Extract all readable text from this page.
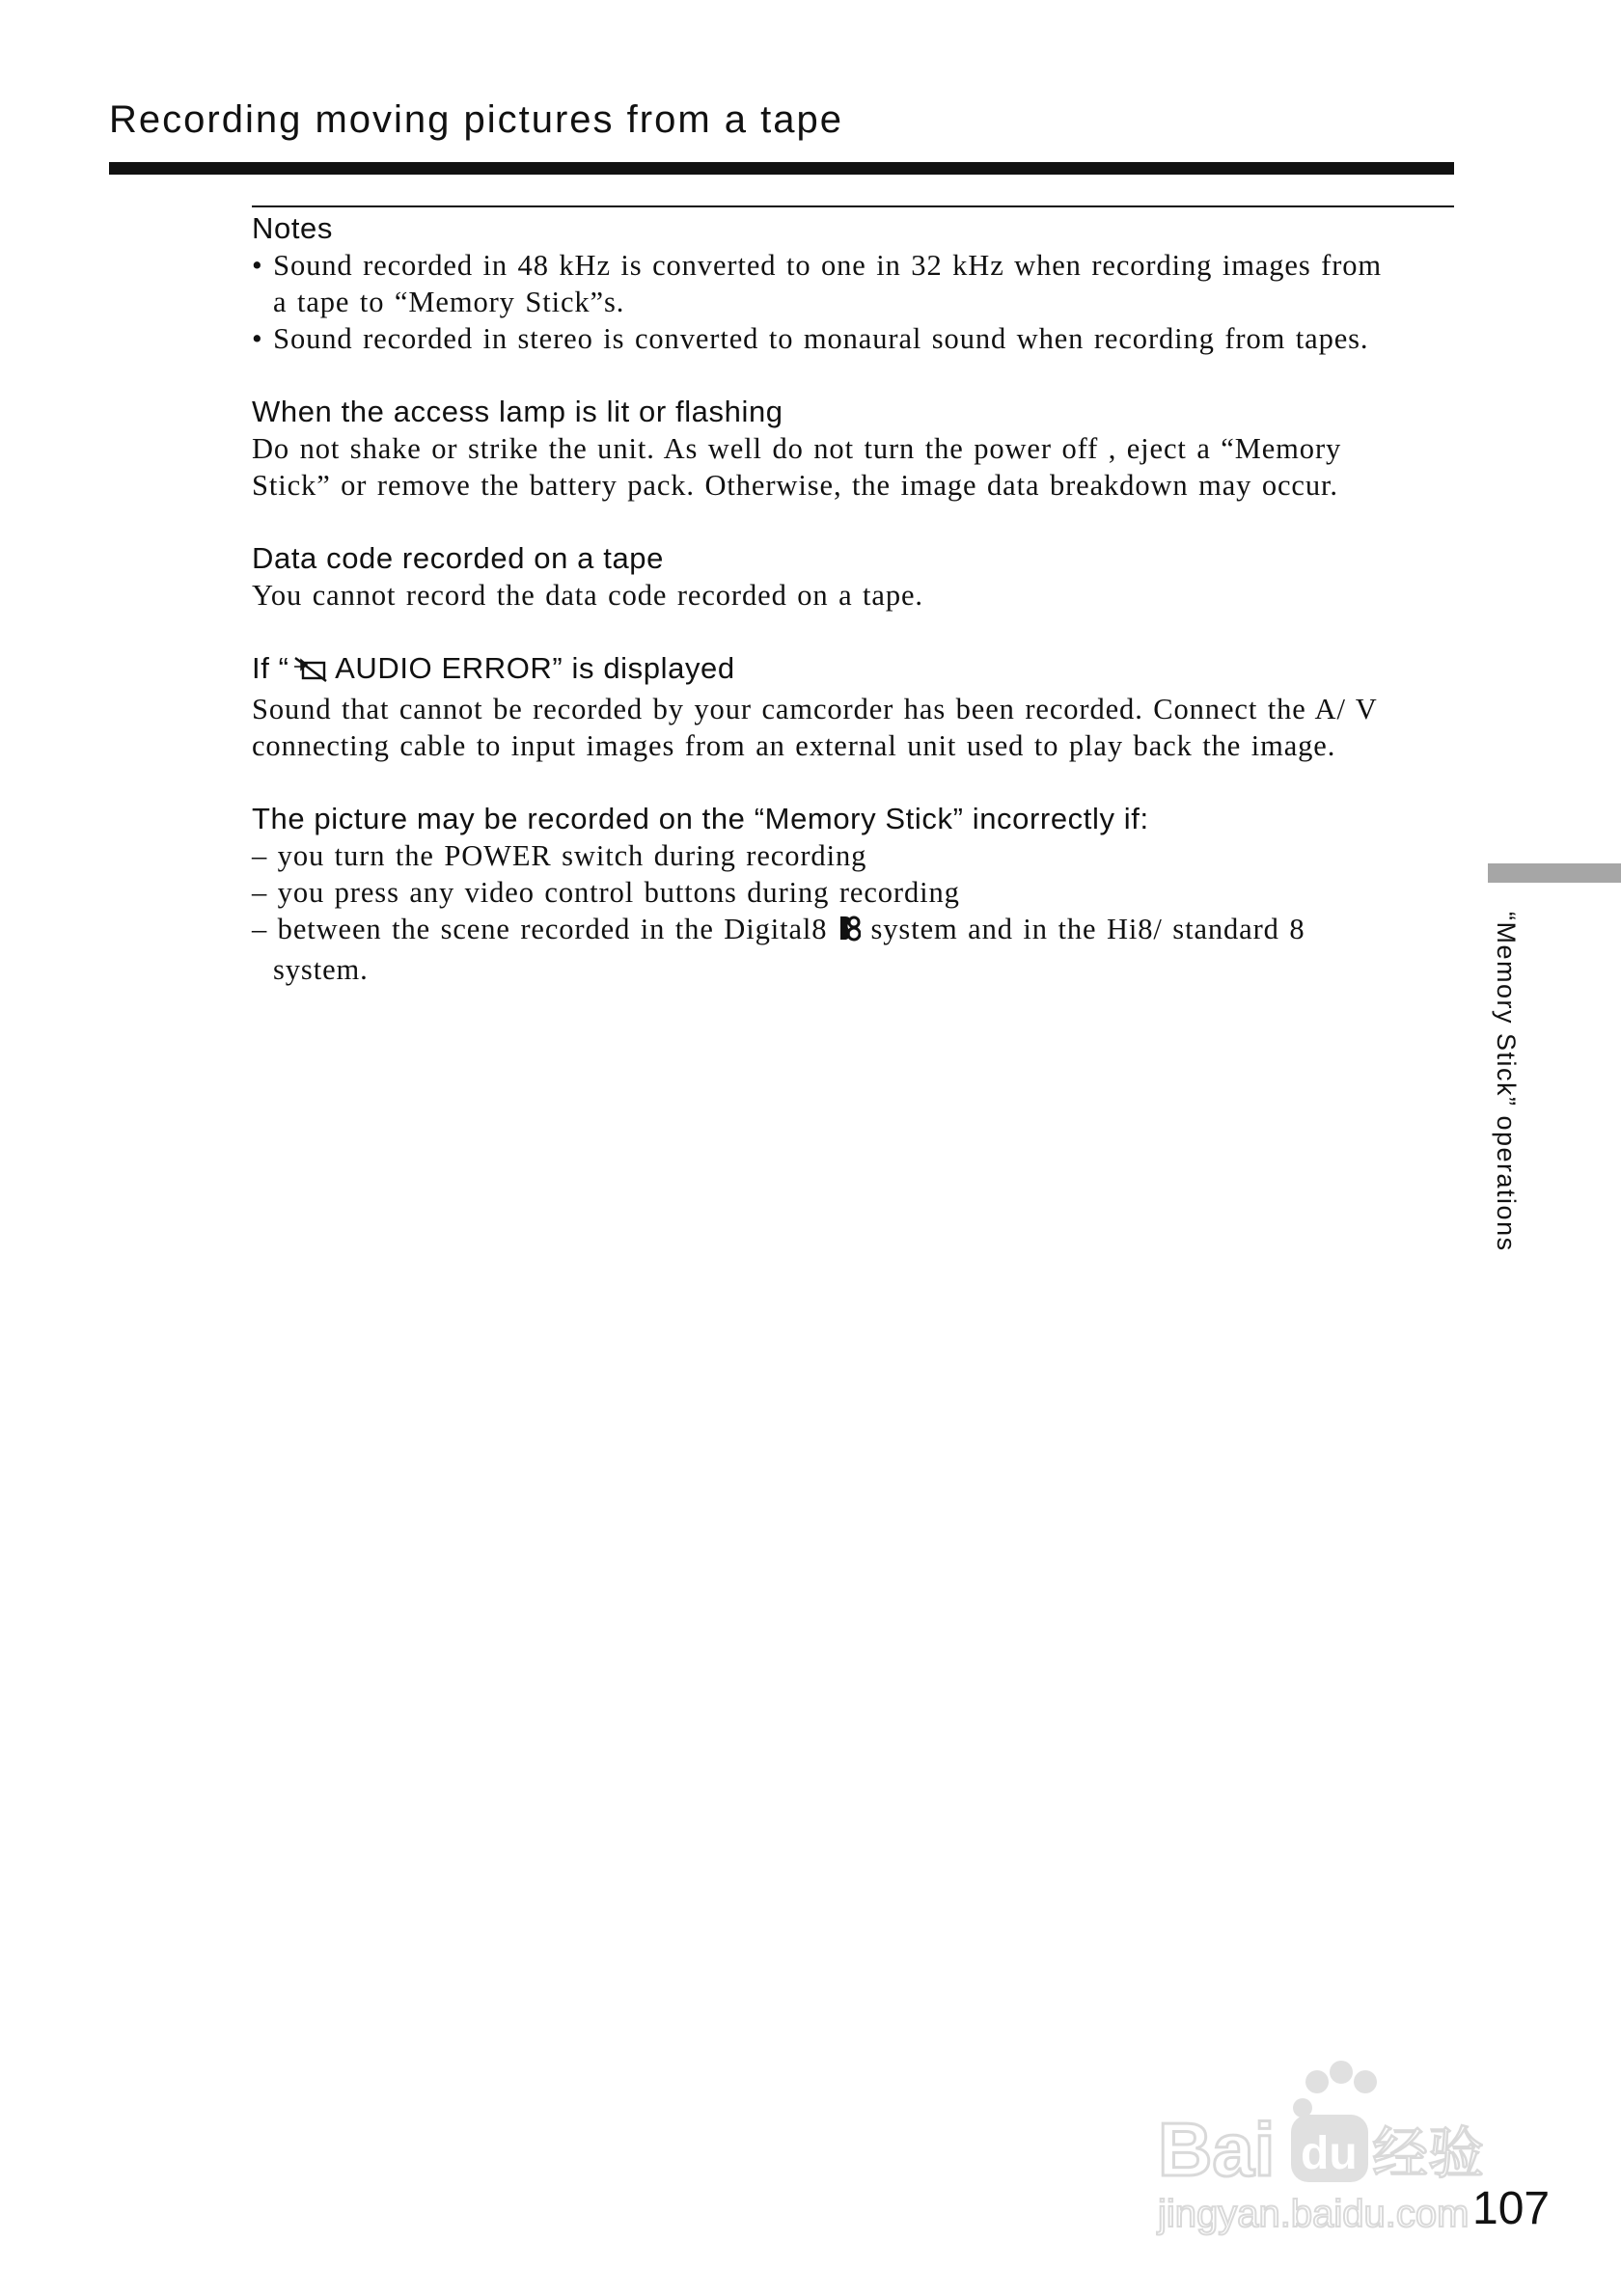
Recording moving pictures from a tape
Notes
• Sound recorded in 48 kHz is converted to one in 32 kHz when recording images from
a tape to “Memory Stick”s.
• Sound recorded in stereo is converted to monaural sound when recording from tapes.
When the access lamp is lit or flashing
Do not shake or strike the unit. As well do not turn the power off , eject a “Memory
Stick” or remove the battery pack. Otherwise, the image data breakdown may occur.
Data code recorded on a tape
You cannot record the data code recorded on a tape.
If “ AUDIO ERROR” is displayed
Sound that cannot be recorded by your camcorder has been recorded. Connect the A/ V
connecting cable to input images from an external unit used to play back the image.
The picture may be recorded on the “Memory Stick” incorrectly if:
– you turn the POWER switch during recording
– you press any video control buttons during recording
– between the scene recorded in the Digital8  system and in the Hi8/ standard 8
system.	“Memory Stick” operations
Bai du 经验
jingyan.baidu.com 107
